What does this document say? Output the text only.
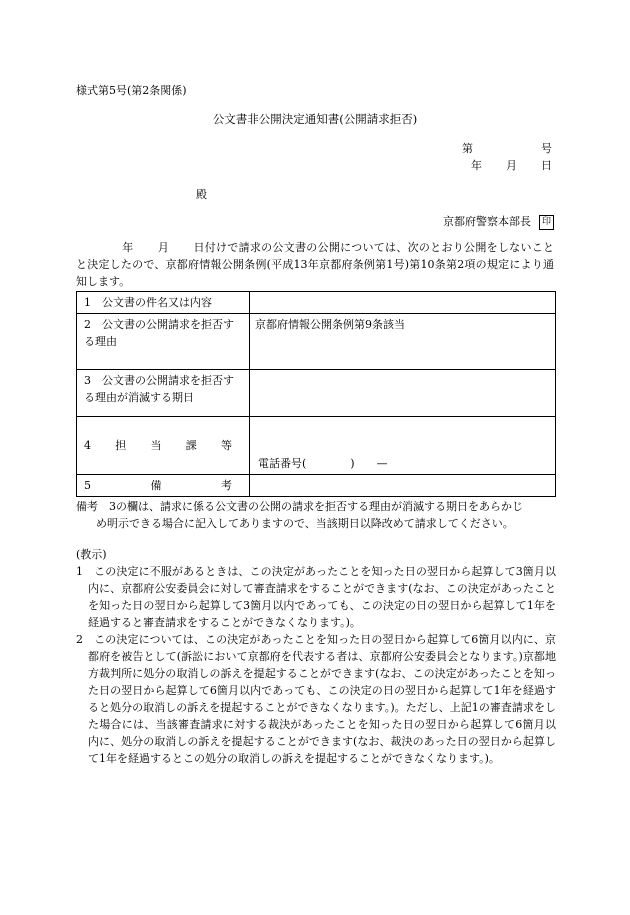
様式第5号(第2条関係)
公文書非公開決定通知書(公開請求拒否)
第	号
年 月 日
殿
京都府警察本部長 印
年 月 日付けで請求の公文書の公開については、次のとおり公開をしないことと決定したので、京都府情報公開条例(平成13年京都府条例第1号)第10条第2項の規定により通知します。
1　公文書の件名又は内容	
2　公文書の公開請求を拒否する理由	京都府情報公開条例第9条該当
3　公文書の公開請求を拒否する理由が消滅する期日	

4 担 当 課 等	電話番号(　　　　)　　—

5 備 考	

備考　3の欄は、請求に係る公文書の公開の請求を拒否する理由が消滅する期日をあらかじ
め明示できる場合に記入してありますので、当該期日以降改めて請求してください。
(教示)
1　この決定に不服があるときは、この決定があったことを知った日の翌日から起算して3箇月以内に、京都府公安委員会に対して審査請求をすることができます(なお、この決定があったことを知った日の翌日から起算して3箇月以内であっても、この決定の日の翌日から起算して1年を経過すると審査請求をすることができなくなります。)。
2　この決定については、この決定があったことを知った日の翌日から起算して6箇月以内に、京都府を被告として(訴訟において京都府を代表する者は、京都府公安委員会となります。)京都地方裁判所に処分の取消しの訴えを提起することができます(なお、この決定があったことを知った日の翌日から起算して6箇月以内であっても、この決定の日の翌日から起算して1年を経過すると処分の取消しの訴えを提起することができなくなります。)。ただし、上記1の審査請求をした場合には、当該審査請求に対する裁決があったことを知った日の翌日から起算して6箇月以内に、処分の取消しの訴えを提起することができます(なお、裁決のあった日の翌日から起算して1年を経過するとこの処分の取消しの訴えを提起することができなくなります。)。
